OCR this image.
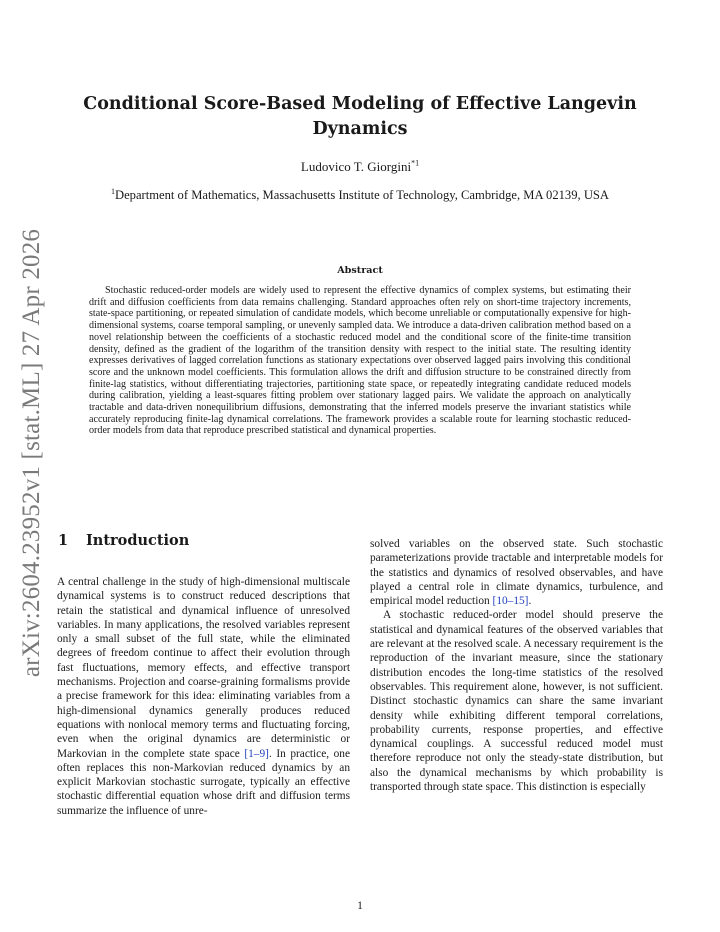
arXiv:2604.23952v1 [stat.ML] 27 Apr 2026
Conditional Score-Based Modeling of Effective Langevin Dynamics
Ludovico T. Giorgini$^{*1}$
$^1$Department of Mathematics, Massachusetts Institute of Technology, Cambridge, MA 02139, USA
Abstract
Stochastic reduced-order models are widely used to represent the effective dynamics of complex systems, but estimating their drift and diffusion coefficients from data remains challenging. Standard approaches often rely on short-time trajectory increments, state-space partitioning, or repeated simulation of candidate models, which become unreliable or computationally expensive for high-dimensional systems, coarse temporal sampling, or unevenly sampled data. We introduce a data-driven calibration method based on a novel relationship between the coefficients of a stochastic reduced model and the conditional score of the finite-time transition density, defined as the gradient of the logarithm of the transition density with respect to the initial state. The resulting identity expresses derivatives of lagged correlation functions as stationary expectations over observed lagged pairs involving this conditional score and the unknown model coefficients. This formulation allows the drift and diffusion structure to be constrained directly from finite-lag statistics, without differentiating trajectories, partitioning state space, or repeatedly integrating candidate reduced models during calibration, yielding a least-squares fitting problem over stationary lagged pairs. We validate the approach on analytically tractable and data-driven nonequilibrium diffusions, demonstrating that the inferred models preserve the invariant statistics while accurately reproducing finite-lag dynamical correlations. The framework provides a scalable route for learning stochastic reduced-order models from data that reproduce prescribed statistical and dynamical properties.
1 Introduction

A central challenge in the study of high-dimensional multiscale dynamical systems is to construct reduced descriptions that retain the statistical and dynamical influence of unresolved variables. In many applications, the resolved variables represent only a small subset of the full state, while the eliminated degrees of freedom continue to affect their evolution through fast fluctuations, memory effects, and effective transport mechanisms. Projection and coarse-graining formalisms provide a precise framework for this idea: eliminating variables from a high-dimensional dynamics generally produces reduced equations with nonlocal memory terms and fluctuating forcing, even when the original dynamics are deterministic or Markovian in the complete state space [1–9]. In practice, one often replaces this non-Markovian reduced dynamics by an explicit Markovian stochastic surrogate, typically an effective stochastic differential equation whose drift and diffusion terms summarize the influence of unre-

solved variables on the observed state. Such stochastic parameterizations provide tractable and interpretable models for the statistics and dynamics of resolved observables, and have played a central role in climate dynamics, turbulence, and empirical model reduction [10–15].

A stochastic reduced-order model should preserve the statistical and dynamical features of the observed variables that are relevant at the resolved scale. A necessary requirement is the reproduction of the invariant measure, since the stationary distribution encodes the long-time statistics of the resolved observables. This requirement alone, however, is not sufficient. Distinct stochastic dynamics can share the same invariant density while exhibiting different temporal correlations, probability currents, response properties, and effective dynamical couplings. A successful reduced model must therefore reproduce not only the steady-state distribution, but also the dynamical mechanisms by which probability is transported through state space. This distinction is especially

1
